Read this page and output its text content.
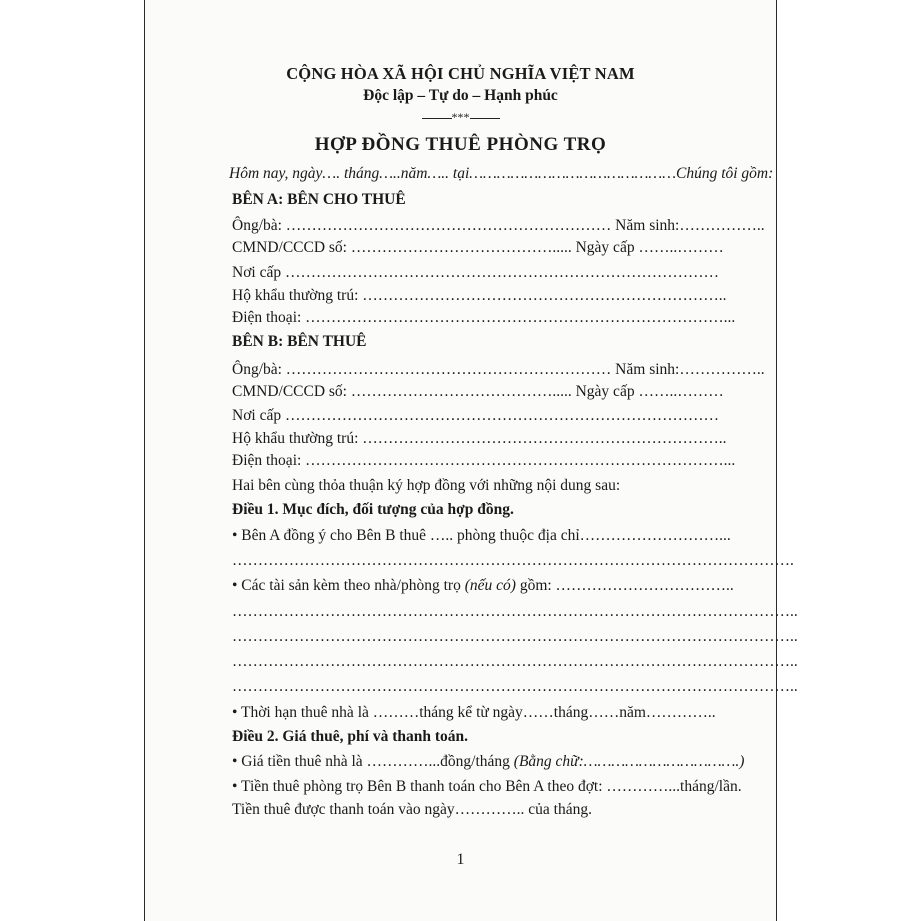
CỘNG HÒA XÃ HỘI CHỦ NGHĨA VIỆT NAM
Độc lập – Tự do – Hạnh phúc
***
HỢP ĐỒNG THUÊ PHÒNG TRỌ
Hôm nay, ngày…. tháng…..năm….. tại………………………………………Chúng tôi gồm:
BÊN A: BÊN CHO THUÊ
Ông/bà: ……………………………………………………… Năm sinh:……………..
CMND/CCCD số: …………………………………..... Ngày cấp ……..………
Nơi cấp …………………………………………………………………………
Hộ khẩu thường trú: ……………………………………………………………..
Điện thoại: ………………………………………………………………………...
BÊN B: BÊN THUÊ
Ông/bà: ……………………………………………………… Năm sinh:……………..
CMND/CCCD số: …………………………………..... Ngày cấp ……..………
Nơi cấp …………………………………………………………………………
Hộ khẩu thường trú: ……………………………………………………………..
Điện thoại: ………………………………………………………………………...
Hai bên cùng thỏa thuận ký hợp đồng với những nội dung sau:
Điều 1. Mục đích, đối tượng của hợp đồng.
• Bên A đồng ý cho Bên B thuê ….. phòng thuộc địa chỉ………………………...
……………………………………………………………………………………………….
• Các tài sản kèm theo nhà/phòng trọ (nếu có) gồm: ……………………………..
………………………………………………………………………………………………..
………………………………………………………………………………………………..
………………………………………………………………………………………………..
………………………………………………………………………………………………..
• Thời hạn thuê nhà là ………tháng kể từ ngày……tháng……năm…………..
Điều 2. Giá thuê, phí và thanh toán.
• Giá tiền thuê nhà là …………...đồng/tháng (Bằng chữ:…………………………….)
• Tiền thuê phòng trọ Bên B thanh toán cho Bên A theo đợt: …………...tháng/lần.
Tiền thuê được thanh toán vào ngày………….. của tháng.
1
